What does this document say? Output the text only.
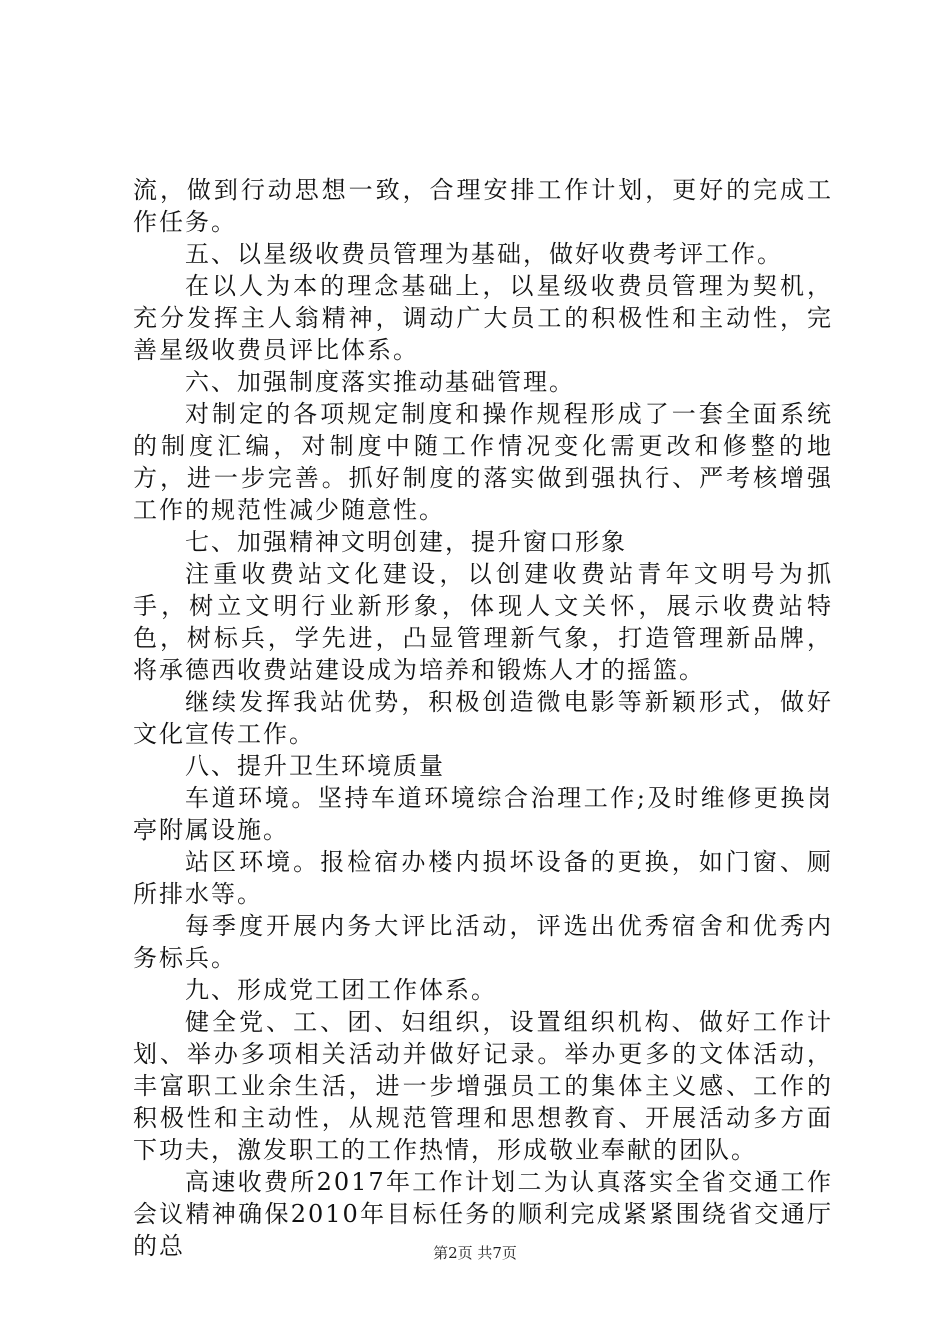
流，做到行动思想一致，合理安排工作计划，更好的完成工作任务。

五、以星级收费员管理为基础，做好收费考评工作。

在以人为本的理念基础上，以星级收费员管理为契机，充分发挥主人翁精神，调动广大员工的积极性和主动性，完善星级收费员评比体系。

六、加强制度落实推动基础管理。

对制定的各项规定制度和操作规程形成了一套全面系统的制度汇编，对制度中随工作情况变化需更改和修整的地方，进一步完善。抓好制度的落实做到强执行、严考核增强工作的规范性减少随意性。

七、加强精神文明创建，提升窗口形象

注重收费站文化建设，以创建收费站青年文明号为抓手，树立文明行业新形象，体现人文关怀，展示收费站特色，树标兵，学先进，凸显管理新气象，打造管理新品牌，将承德西收费站建设成为培养和锻炼人才的摇篮。

继续发挥我站优势，积极创造微电影等新颖形式，做好文化宣传工作。

八、提升卫生环境质量

车道环境。坚持车道环境综合治理工作;及时维修更换岗亭附属设施。

站区环境。报检宿办楼内损坏设备的更换，如门窗、厕所排水等。

每季度开展内务大评比活动，评选出优秀宿舍和优秀内务标兵。

九、形成党工团工作体系。

健全党、工、团、妇组织，设置组织机构、做好工作计划、举办多项相关活动并做好记录。举办更多的文体活动，丰富职工业余生活，进一步增强员工的集体主义感、工作的积极性和主动性，从规范管理和思想教育、开展活动多方面下功夫，激发职工的工作热情，形成敬业奉献的团队。

高速收费所2017年工作计划二为认真落实全省交通工作会议精神确保2010年目标任务的顺利完成紧紧围绕省交通厅的总	第2页 共7页
